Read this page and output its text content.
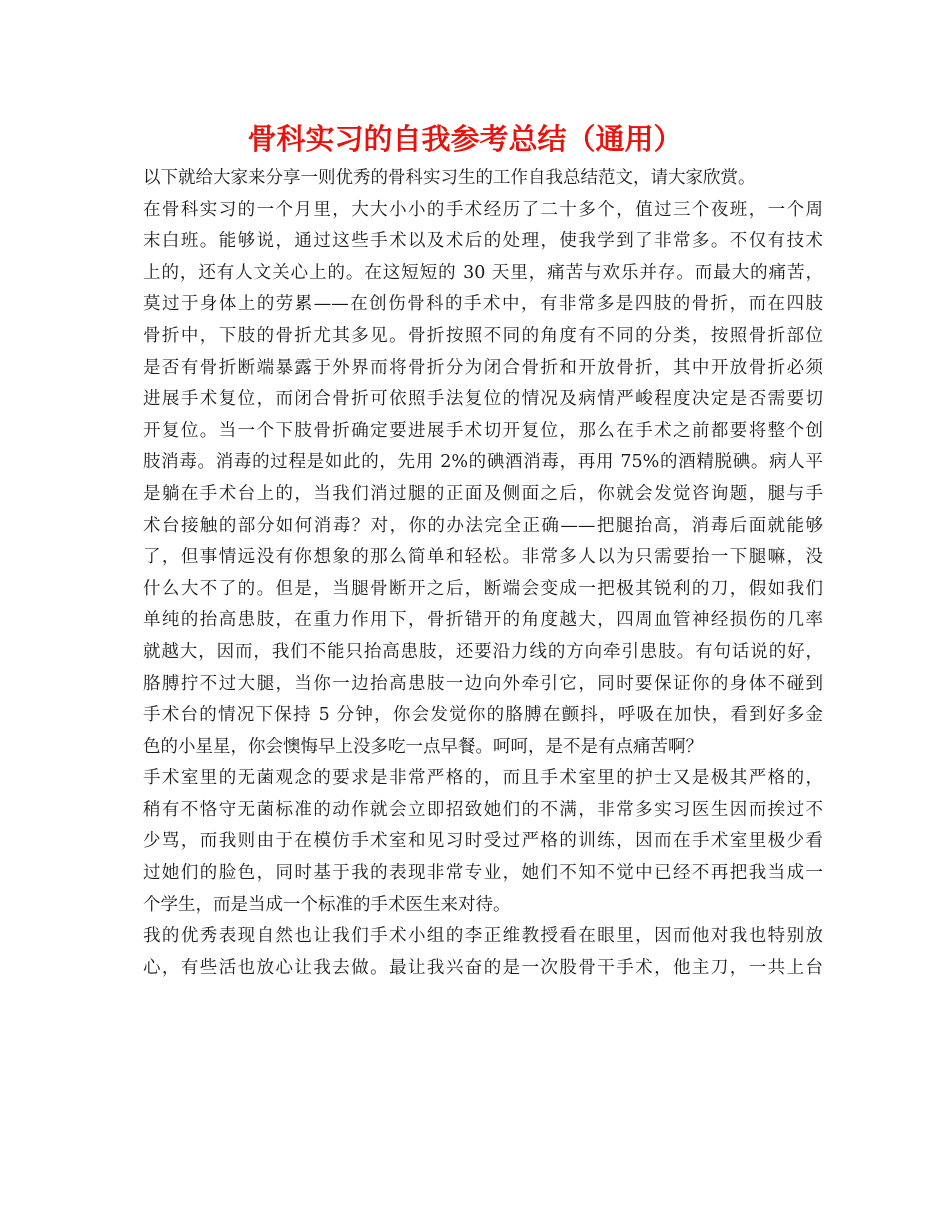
骨科实习的自我参考总结（通用）
以下就给大家来分享一则优秀的骨科实习生的工作自我总结范文，请大家欣赏。
在骨科实习的一个月里，大大小小的手术经历了二十多个，值过三个夜班，一个周
末白班。能够说，通过这些手术以及术后的处理，使我学到了非常多。不仅有技术
上的，还有人文关心上的。在这短短的 30 天里，痛苦与欢乐并存。而最大的痛苦，
莫过于身体上的劳累——在创伤骨科的手术中，有非常多是四肢的骨折，而在四肢
骨折中，下肢的骨折尤其多见。骨折按照不同的角度有不同的分类，按照骨折部位
是否有骨折断端暴露于外界而将骨折分为闭合骨折和开放骨折，其中开放骨折必须
进展手术复位，而闭合骨折可依照手法复位的情况及病情严峻程度决定是否需要切
开复位。当一个下肢骨折确定要进展手术切开复位，那么在手术之前都要将整个创
肢消毒。消毒的过程是如此的，先用 2%的碘酒消毒，再用 75%的酒精脱碘。病人平
是躺在手术台上的，当我们消过腿的正面及侧面之后，你就会发觉咨询题，腿与手
术台接触的部分如何消毒？对，你的办法完全正确——把腿抬高，消毒后面就能够
了，但事情远没有你想象的那么简单和轻松。非常多人以为只需要抬一下腿嘛，没
什么大不了的。但是，当腿骨断开之后，断端会变成一把极其锐利的刀，假如我们
单纯的抬高患肢，在重力作用下，骨折错开的角度越大，四周血管神经损伤的几率
就越大，因而，我们不能只抬高患肢，还要沿力线的方向牵引患肢。有句话说的好，
胳膊拧不过大腿，当你一边抬高患肢一边向外牵引它，同时要保证你的身体不碰到
手术台的情况下保持 5 分钟，你会发觉你的胳膊在颤抖，呼吸在加快，看到好多金
色的小星星，你会懊悔早上没多吃一点早餐。呵呵，是不是有点痛苦啊？
手术室里的无菌观念的要求是非常严格的，而且手术室里的护士又是极其严格的，
稍有不恪守无菌标准的动作就会立即招致她们的不满，非常多实习医生因而挨过不
少骂，而我则由于在模仿手术室和见习时受过严格的训练，因而在手术室里极少看
过她们的脸色，同时基于我的表现非常专业，她们不知不觉中已经不再把我当成一
个学生，而是当成一个标准的手术医生来对待。
我的优秀表现自然也让我们手术小组的李正维教授看在眼里，因而他对我也特别放
心，有些活也放心让我去做。最让我兴奋的是一次股骨干手术，他主刀，一共上台
